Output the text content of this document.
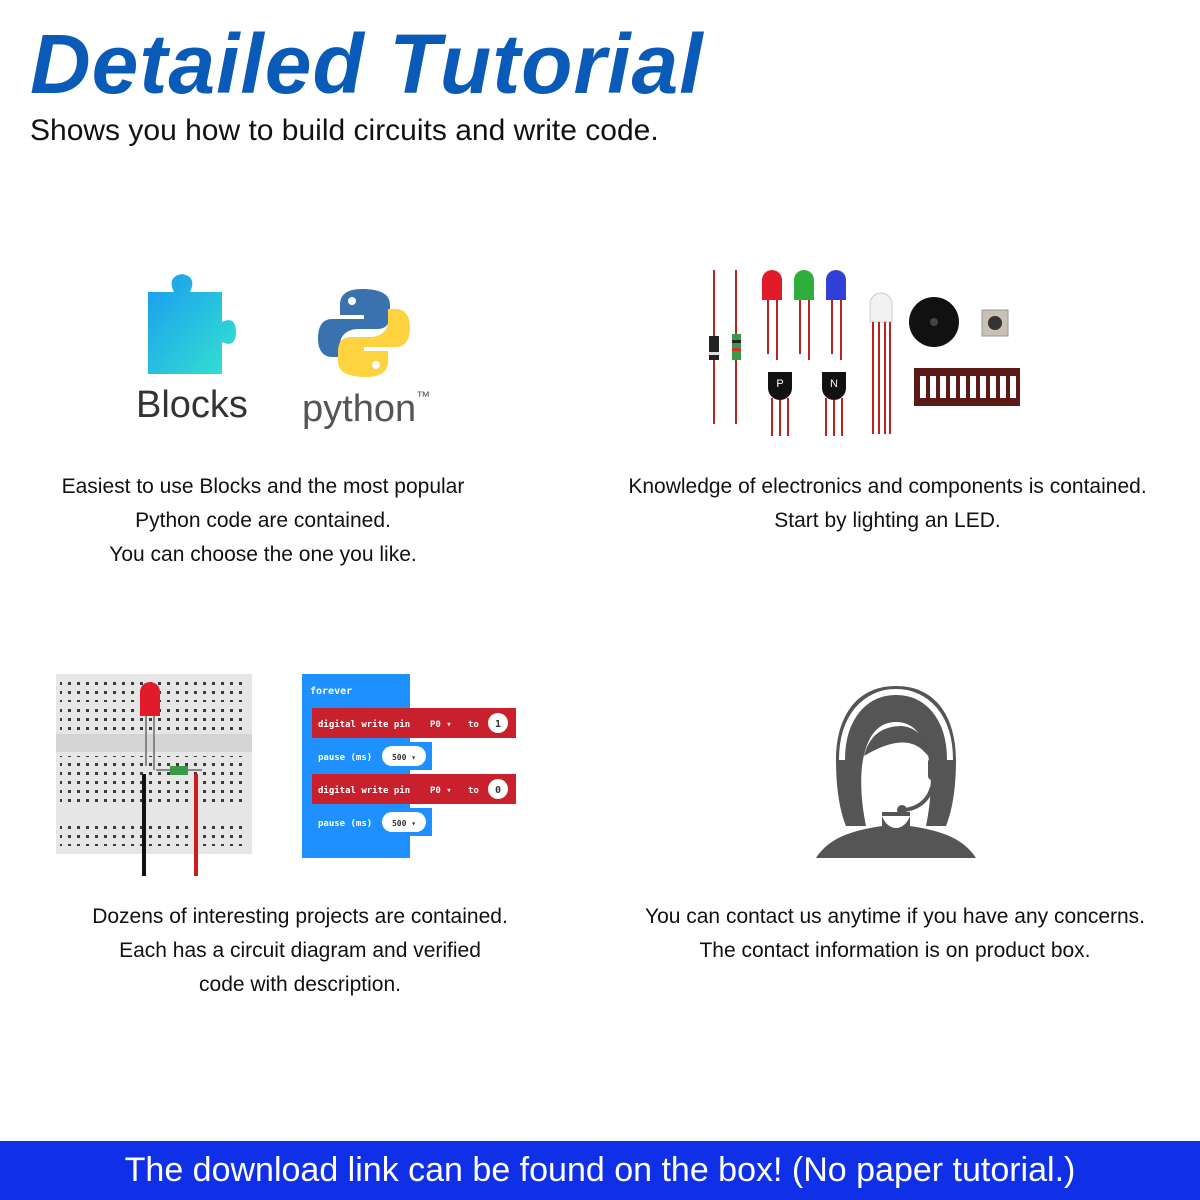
Detailed Tutorial

Shows you how to build circuits and write code.

Blocks python™
Easiest to use Blocks and the most popular
Python code are contained.
You can choose the one you like.
P	N
Knowledge of electronics and components is contained.
Start by lighting an LED.
forever
digital write pin P0 ▾ to 1
pause (ms) 500 ▾
digital write pin P0 ▾ to 0
pause (ms) 500 ▾
Dozens of interesting projects are contained.
Each has a circuit diagram and verified
code with description.
You can contact us anytime if you have any concerns.
The contact information is on product box.
The download link can be found on the box! (No paper tutorial.)
